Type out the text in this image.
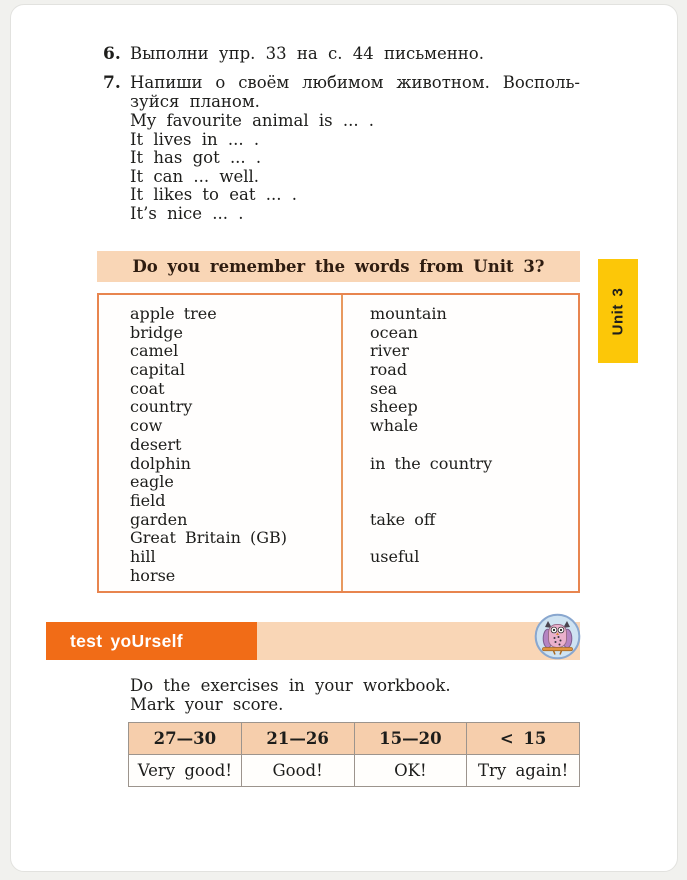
6. Выполни упр. 33 на с. 44 письменно.
7. Напиши о своём любимом животном. Восполь-
зуйся планом.
My favourite animal is ... .
It lives in ... .
It has got ... .
It can ... well.
It likes to eat ... .
It’s nice ... .
Do you remember the words from Unit 3?
apple tree
bridge
camel
capital
coat
country
cow
desert
dolphin
eagle
field
garden
Great Britain (GB)
hill
horse
mountain
ocean
river
road
sea
sheep
whale
in the country
take off
useful
Unit 3
test yoUrself
Do the exercises in your workbook.
Mark your score.
27—30	21—26	15—20	< 15
Very good!	Good!	OK!	Try again!
